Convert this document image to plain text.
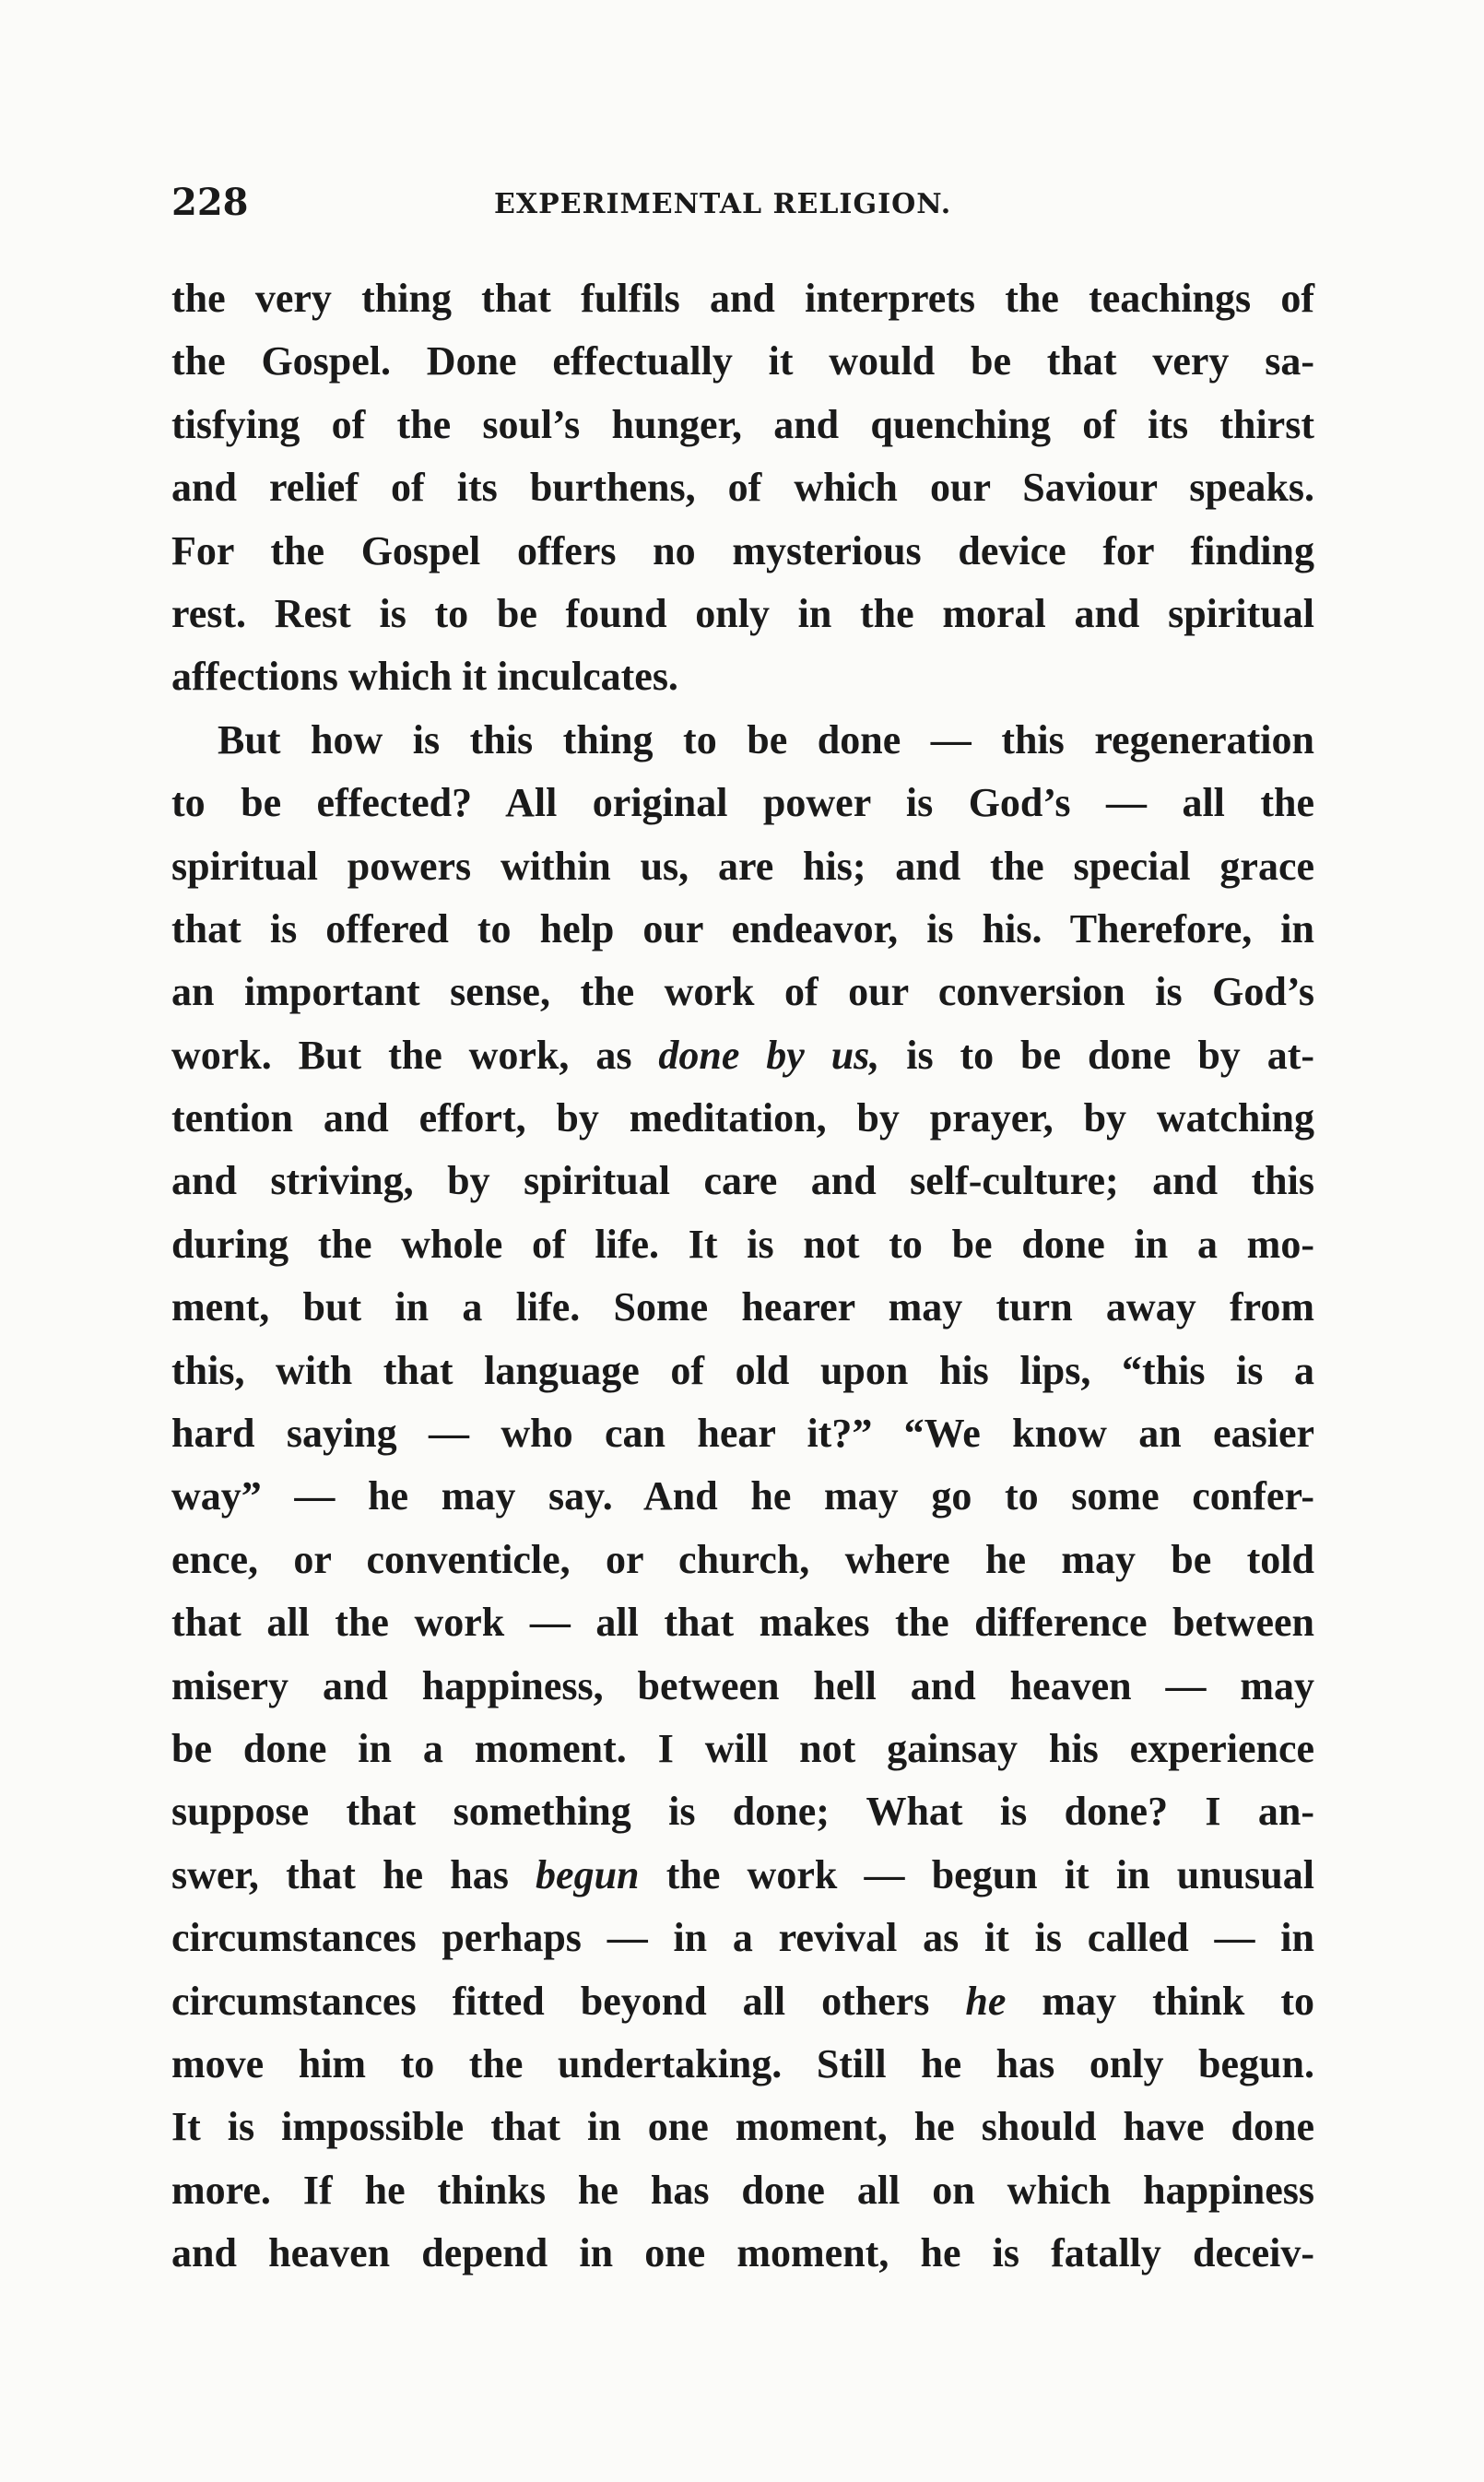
228	EXPERIMENTAL RELIGION.
the very thing that fulfils and interprets the teachings of
the Gospel. Done effectually it would be that very sa-
tisfying of the soul’s hunger, and quenching of its thirst
and relief of its burthens, of which our Saviour speaks.
For the Gospel offers no mysterious device for finding
rest. Rest is to be found only in the moral and spiritual
affections which it inculcates.
But how is this thing to be done — this regeneration
to be effected? All original power is God’s — all the
spiritual powers within us, are his; and the special grace
that is offered to help our endeavor, is his. Therefore, in
an important sense, the work of our conversion is God’s
work. But the work, as done by us, is to be done by at-
tention and effort, by meditation, by prayer, by watching
and striving, by spiritual care and self-culture; and this
during the whole of life. It is not to be done in a mo-
ment, but in a life. Some hearer may turn away from
this, with that language of old upon his lips, “this is a
hard saying — who can hear it?” “We know an easier
way” — he may say. And he may go to some confer-
ence, or conventicle, or church, where he may be told
that all the work — all that makes the difference between
misery and happiness, between hell and heaven — may
be done in a moment. I will not gainsay his experience
suppose that something is done; What is done? I an-
swer, that he has begun the work — begun it in unusual
circumstances perhaps — in a revival as it is called — in
circumstances fitted beyond all others he may think to
move him to the undertaking. Still he has only begun.
It is impossible that in one moment, he should have done
more. If he thinks he has done all on which happiness
and heaven depend in one moment, he is fatally deceiv-
